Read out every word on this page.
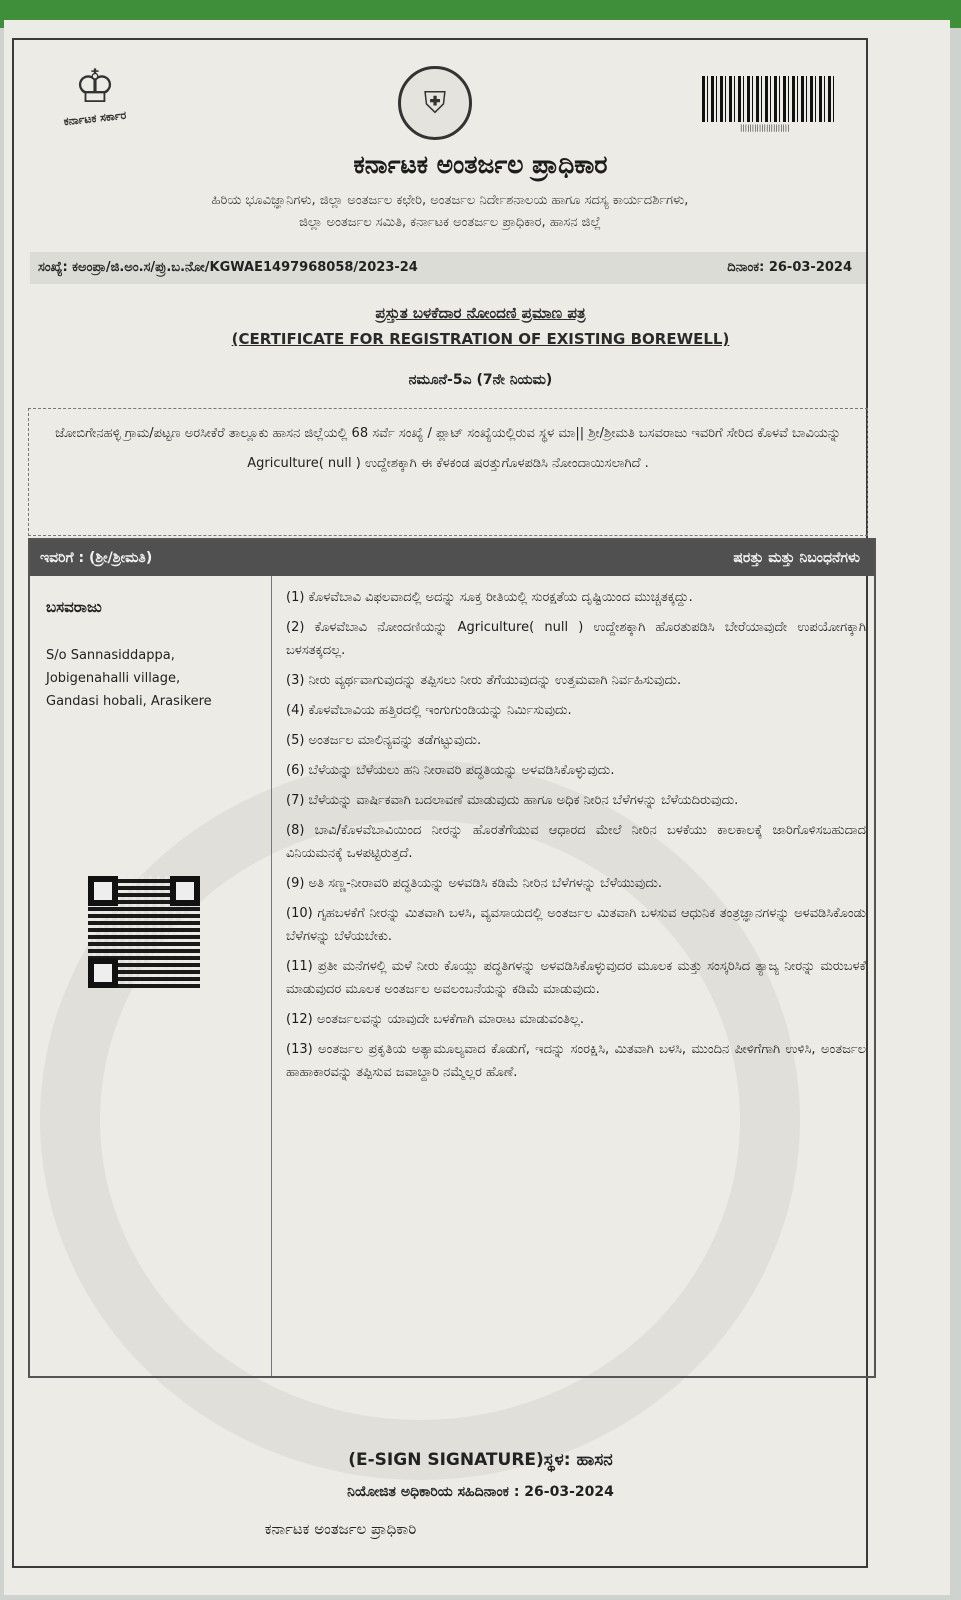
♔
ಕರ್ನಾಟಕ ಸರ್ಕಾರ	⛨
|||||||||||||||||||||
ಕರ್ನಾಟಕ ಅಂತರ್ಜಲ ಪ್ರಾಧಿಕಾರ
ಹಿರಿಯ ಭೂವಿಜ್ಞಾನಿಗಳು, ಜಿಲ್ಲಾ ಅಂತರ್ಜಲ ಕಛೇರಿ, ಅಂತರ್ಜಲ ನಿರ್ದೇಶನಾಲಯ ಹಾಗೂ ಸದಸ್ಯ ಕಾರ್ಯದರ್ಶಿಗಳು,
ಜಿಲ್ಲಾ ಅಂತರ್ಜಲ ಸಮಿತಿ, ಕರ್ನಾಟಕ ಅಂತರ್ಜಲ ಪ್ರಾಧಿಕಾರ, ಹಾಸನ ಜಿಲ್ಲೆ
ಸಂಖ್ಯೆ: ಕಅಂಪ್ರಾ/ಜಿ.ಅಂ.ಸ/ಪ್ರು.ಬ.ನೋ/KGWAE1497968058/2023-24	ದಿನಾಂಕ: 26-03-2024
ಪ್ರಸ್ತುತ ಬಳಕೆದಾರ ನೋಂದಣಿ ಪ್ರಮಾಣ ಪತ್ರ
(CERTIFICATE FOR REGISTRATION OF EXISTING BOREWELL)
ನಮೂನೆ-5ಎ (7ನೇ ನಿಯಮ)
ಜೋಬಿಗೇನಹಳ್ಳಿ ಗ್ರಾಮ/ಪಟ್ಟಣ ಅರಸೀಕೆರೆ ತಾಲ್ಲೂಕು ಹಾಸನ ಜಿಲ್ಲೆಯಲ್ಲಿ 68 ಸರ್ವೆ ಸಂಖ್ಯೆ / ಪ್ಲಾಟ್ ಸಂಖ್ಯೆಯಲ್ಲಿರುವ ಸ್ಥಳ ಮಾ|| ಶ್ರೀ/ಶ್ರೀಮತಿ ಬಸವರಾಜು ಇವರಿಗೆ ಸೇರಿದ ಕೊಳವೆ ಬಾವಿಯನ್ನು Agriculture( null ) ಉದ್ದೇಶಕ್ಕಾಗಿ ಈ ಕೆಳಕಂಡ ಷರತ್ತುಗೊಳಪಡಿಸಿ ನೋಂದಾಯಿಸಲಾಗಿದೆ .
ಇವರಿಗೆ : (ಶ್ರೀ/ಶ್ರೀಮತಿ)	ಷರತ್ತು ಮತ್ತು ನಿಬಂಧನೆಗಳು
ಬಸವರಾಜು
S/o Sannasiddappa,
Jobigenahalli village,
Gandasi hobali, Arasikere
(1) ಕೊಳವೆಬಾವಿ ವಿಫಲವಾದಲ್ಲಿ ಅದನ್ನು ಸೂಕ್ತ ರೀತಿಯಲ್ಲಿ ಸುರಕ್ಷತೆಯ ದೃಷ್ಟಿಯಿಂದ ಮುಚ್ಚತಕ್ಕದ್ದು.
(2) ಕೊಳವೆಬಾವಿ ನೋಂದಣಿಯನ್ನು Agriculture( null ) ಉದ್ದೇಶಕ್ಕಾಗಿ ಹೊರತುಪಡಿಸಿ ಬೇರೆಯಾವುದೇ ಉಪಯೋಗಕ್ಕಾಗಿ ಬಳಸತಕ್ಕದಲ್ಲ.
(3) ನೀರು ವ್ಯರ್ಥವಾಗುವುದನ್ನು ತಪ್ಪಿಸಲು ನೀರು ತೆಗೆಯುವುದನ್ನು ಉತ್ತಮವಾಗಿ ನಿರ್ವಹಿಸುವುದು.
(4) ಕೊಳವೆಬಾವಿಯ ಹತ್ತಿರದಲ್ಲಿ ಇಂಗುಗುಂಡಿಯನ್ನು ನಿರ್ಮಿಸುವುದು.
(5) ಅಂತರ್ಜಲ ಮಾಲಿನ್ಯವನ್ನು ತಡೆಗಟ್ಟುವುದು.
(6) ಬೆಳೆಯನ್ನು ಬೆಳೆಯಲು ಹನಿ ನೀರಾವರಿ ಪದ್ಧತಿಯನ್ನು ಅಳವಡಿಸಿಕೊಳ್ಳುವುದು.
(7) ಬೆಳೆಯನ್ನು ವಾರ್ಷಿಕವಾಗಿ ಬದಲಾವಣೆ ಮಾಡುವುದು ಹಾಗೂ ಅಧಿಕ ನೀರಿನ ಬೆಳೆಗಳನ್ನು ಬೆಳೆಯದಿರುವುದು.
(8) ಬಾವಿ/ಕೊಳವೆಬಾವಿಯಿಂದ ನೀರನ್ನು ಹೊರತೆಗೆಯುವ ಆಧಾರದ ಮೇಲೆ ನೀರಿನ ಬಳಕೆಯು ಕಾಲಕಾಲಕ್ಕೆ ಜಾರಿಗೊಳಿಸಬಹುದಾದ ವಿನಿಯಮನಕ್ಕೆ ಒಳಪಟ್ಟಿರುತ್ತದೆ.
(9) ಅತಿ ಸಣ್ಣ-ನೀರಾವರಿ ಪದ್ಧತಿಯನ್ನು ಅಳವಡಿಸಿ ಕಡಿಮೆ ನೀರಿನ ಬೆಳೆಗಳನ್ನು ಬೆಳೆಯುವುದು.
(10) ಗೃಹಬಳಕೆಗೆ ನೀರನ್ನು ಮಿತವಾಗಿ ಬಳಸಿ, ವ್ಯವಸಾಯದಲ್ಲಿ ಅಂತರ್ಜಲ ಮಿತವಾಗಿ ಬಳಸುವ ಆಧುನಿಕ ತಂತ್ರಜ್ಞಾನಗಳನ್ನು ಅಳವಡಿಸಿಕೊಂಡು ಬೆಳೆಗಳನ್ನು ಬೆಳೆಯಬೇಕು.
(11) ಪ್ರತೀ ಮನೆಗಳಲ್ಲಿ ಮಳೆ ನೀರು ಕೊಯ್ಲು ಪದ್ಧತಿಗಳನ್ನು ಅಳವಡಿಸಿಕೊಳ್ಳುವುದರ ಮೂಲಕ ಮತ್ತು ಸಂಸ್ಕರಿಸಿದ ತ್ಯಾಜ್ಯ ನೀರನ್ನು ಮರುಬಳಕೆ ಮಾಡುವುದರ ಮೂಲಕ ಅಂತರ್ಜಲ ಅವಲಂಬನೆಯನ್ನು ಕಡಿಮೆ ಮಾಡುವುದು.
(12) ಅಂತರ್ಜಲವನ್ನು ಯಾವುದೇ ಬಳಕೆಗಾಗಿ ಮಾರಾಟ ಮಾಡುವಂತಿಲ್ಲ.
(13) ಅಂತರ್ಜಲ ಪ್ರಕೃತಿಯ ಅತ್ಯಾಮೂಲ್ಯವಾದ ಕೊಡುಗೆ, ಇದನ್ನು ಸಂರಕ್ಷಿಸಿ, ಮಿತವಾಗಿ ಬಳಸಿ, ಮುಂದಿನ ಪೀಳಿಗೆಗಾಗಿ ಉಳಿಸಿ, ಅಂತರ್ಜಲ ಹಾಹಾಕಾರವನ್ನು ತಪ್ಪಿಸುವ ಜವಾಬ್ದಾರಿ ನಮ್ಮೆಲ್ಲರ ಹೊಣೆ.
(E-SIGN SIGNATURE)ಸ್ಥಳ: ಹಾಸನ
ನಿಯೋಜಿತ ಅಧಿಕಾರಿಯ ಸಹಿದಿನಾಂಕ : 26-03-2024
ಕರ್ನಾಟಕ ಅಂತರ್ಜಲ ಪ್ರಾಧಿಕಾರಿ
